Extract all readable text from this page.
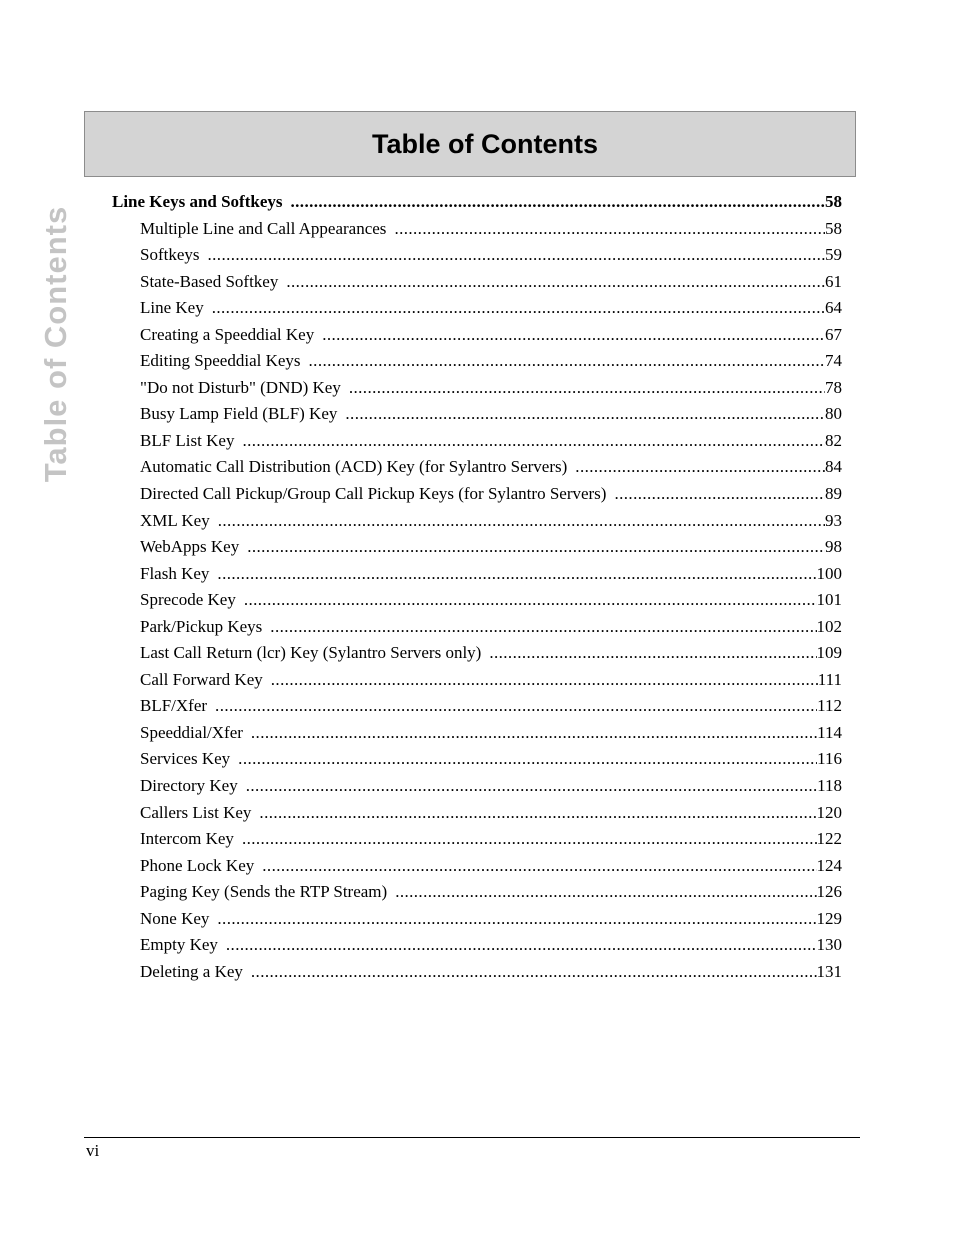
Table of Contents
Table of Contents
Line Keys and Softkeys .....	58
Multiple Line and Call Appearances .....	58
Softkeys .....	59
State-Based Softkey .....	61
Line Key .....	64
Creating a Speeddial Key .....	67
Editing Speeddial Keys .....	74
"Do not Disturb" (DND) Key .....	78
Busy Lamp Field (BLF) Key .....	80
BLF List Key .....	82
Automatic Call Distribution (ACD) Key (for Sylantro Servers) .....	84
Directed Call Pickup/Group Call Pickup Keys (for Sylantro Servers) .....	89
XML Key .....	93
WebApps Key .....	98
Flash Key .....	100
Sprecode Key .....	101
Park/Pickup Keys .....	102
Last Call Return (lcr) Key (Sylantro Servers only) .....	109
Call Forward Key .....	111
BLF/Xfer .....	112
Speeddial/Xfer .....	114
Services Key .....	116
Directory Key .....	118
Callers List Key .....	120
Intercom Key .....	122
Phone Lock Key .....	124
Paging Key (Sends the RTP Stream) .....	126
None Key .....	129
Empty Key .....	130
Deleting a Key .....	131
vi
